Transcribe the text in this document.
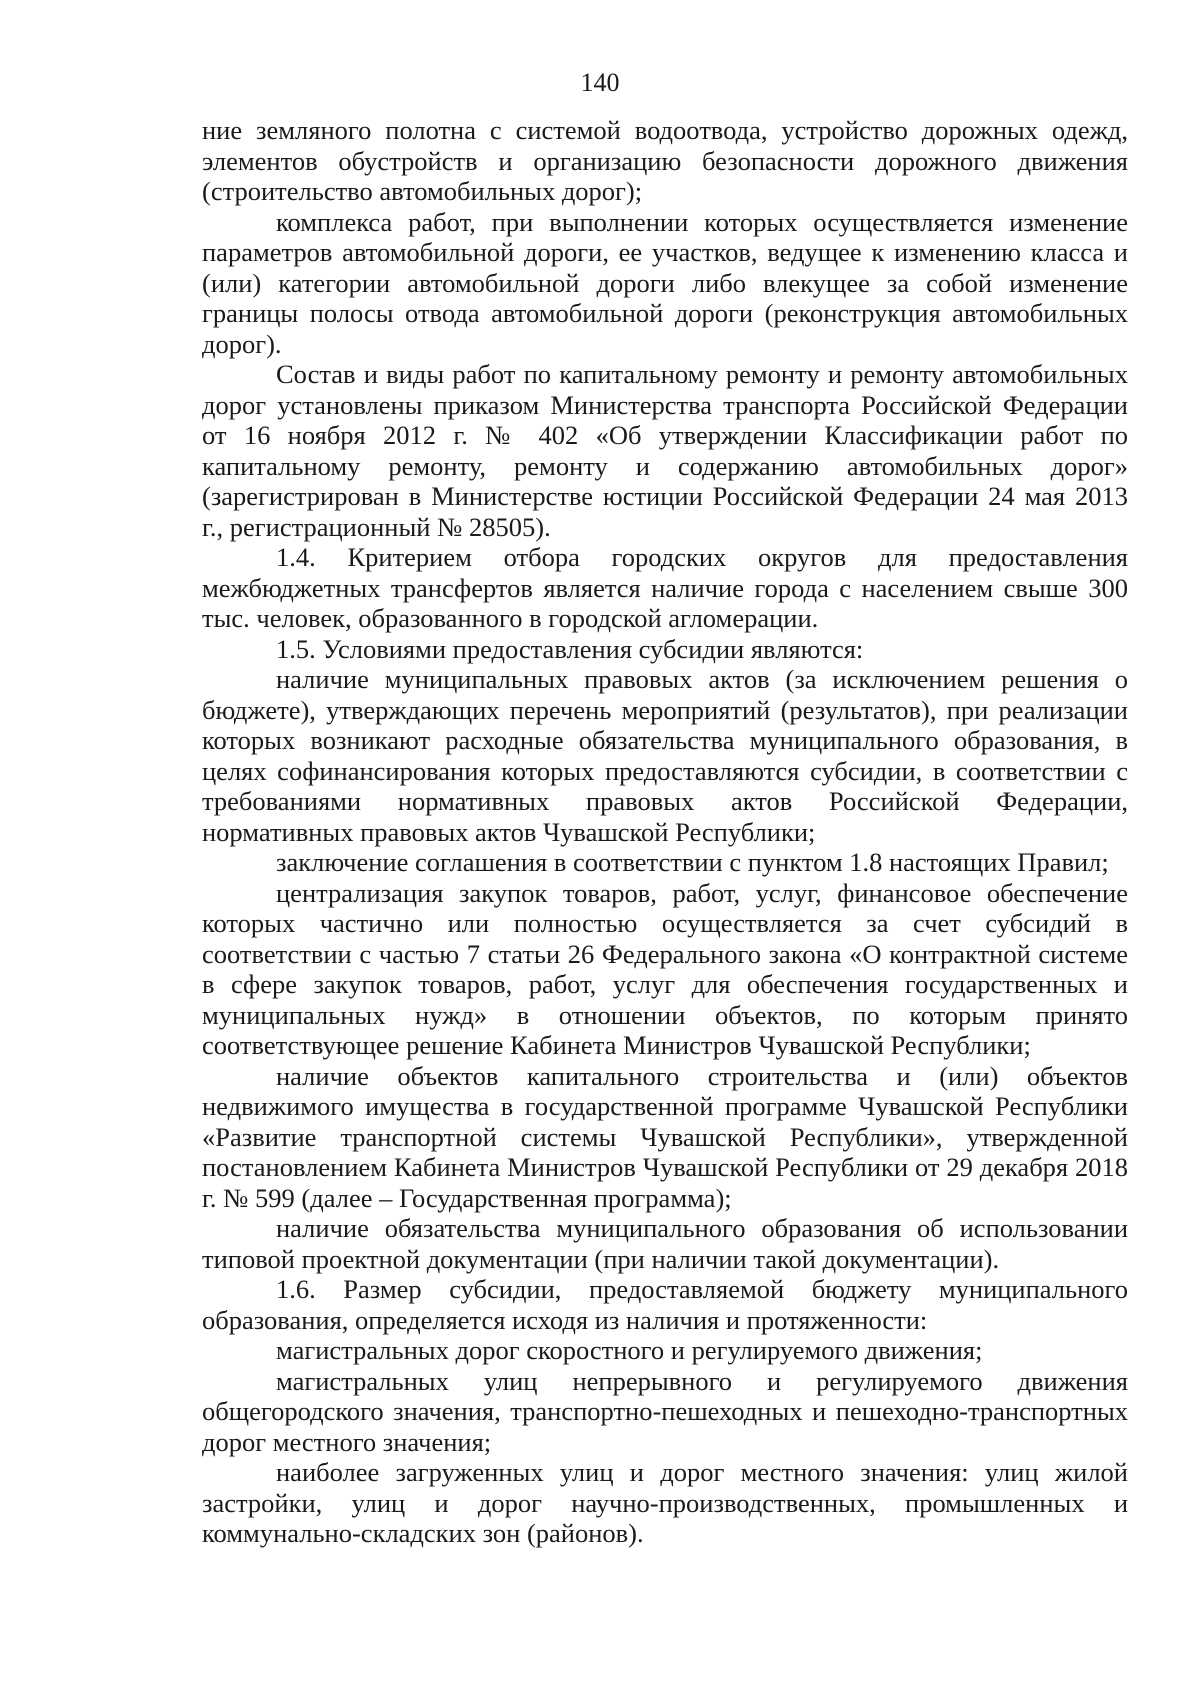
140

ние земляного полотна с системой водоотвода, устройство дорожных одежд, элементов обустройств и организацию безопасности дорожного движения (строительство автомобильных дорог);

комплекса работ, при выполнении которых осуществляется изменение параметров автомобильной дороги, ее участков, ведущее к изменению класса и (или) категории автомобильной дороги либо влекущее за собой изменение границы полосы отвода автомобильной дороги (реконструкция автомобильных дорог).

Состав и виды работ по капитальному ремонту и ремонту автомобильных дорог установлены приказом Министерства транспорта Российской Федерации от 16 ноября 2012 г. № 402 «Об утверждении Классификации работ по капитальному ремонту, ремонту и содержанию автомобильных дорог» (зарегистрирован в Министерстве юстиции Российской Федерации 24 мая 2013 г., регистрационный № 28505).

1.4. Критерием отбора городских округов для предоставления межбюджетных трансфертов является наличие города с населением свыше 300 тыс. человек, образованного в городской агломерации.

1.5. Условиями предоставления субсидии являются:

наличие муниципальных правовых актов (за исключением решения о бюджете), утверждающих перечень мероприятий (результатов), при реализации которых возникают расходные обязательства муниципального образования, в целях софинансирования которых предоставляются субсидии, в соответствии с требованиями нормативных правовых актов Российской Федерации, нормативных правовых актов Чувашской Республики;

заключение соглашения в соответствии с пунктом 1.8 настоящих Правил;

централизация закупок товаров, работ, услуг, финансовое обеспечение которых частично или полностью осуществляется за счет субсидий в соответствии с частью 7 статьи 26 Федерального закона «О контрактной системе в сфере закупок товаров, работ, услуг для обеспечения государственных и муниципальных нужд» в отношении объектов, по которым принято соответствующее решение Кабинета Министров Чувашской Республики;

наличие объектов капитального строительства и (или) объектов недвижимого имущества в государственной программе Чувашской Республики «Развитие транспортной системы Чувашской Республики», утвержденной постановлением Кабинета Министров Чувашской Республики от 29 декабря 2018 г. № 599 (далее – Государственная программа);

наличие обязательства муниципального образования об использовании типовой проектной документации (при наличии такой документации).

1.6. Размер субсидии, предоставляемой бюджету муниципального образования, определяется исходя из наличия и протяженности:

магистральных дорог скоростного и регулируемого движения;

магистральных улиц непрерывного и регулируемого движения общегородского значения, транспортно-пешеходных и пешеходно-транспортных дорог местного значения;

наиболее загруженных улиц и дорог местного значения: улиц жилой застройки, улиц и дорог научно-производственных, промышленных и коммунально-складских зон (районов).
